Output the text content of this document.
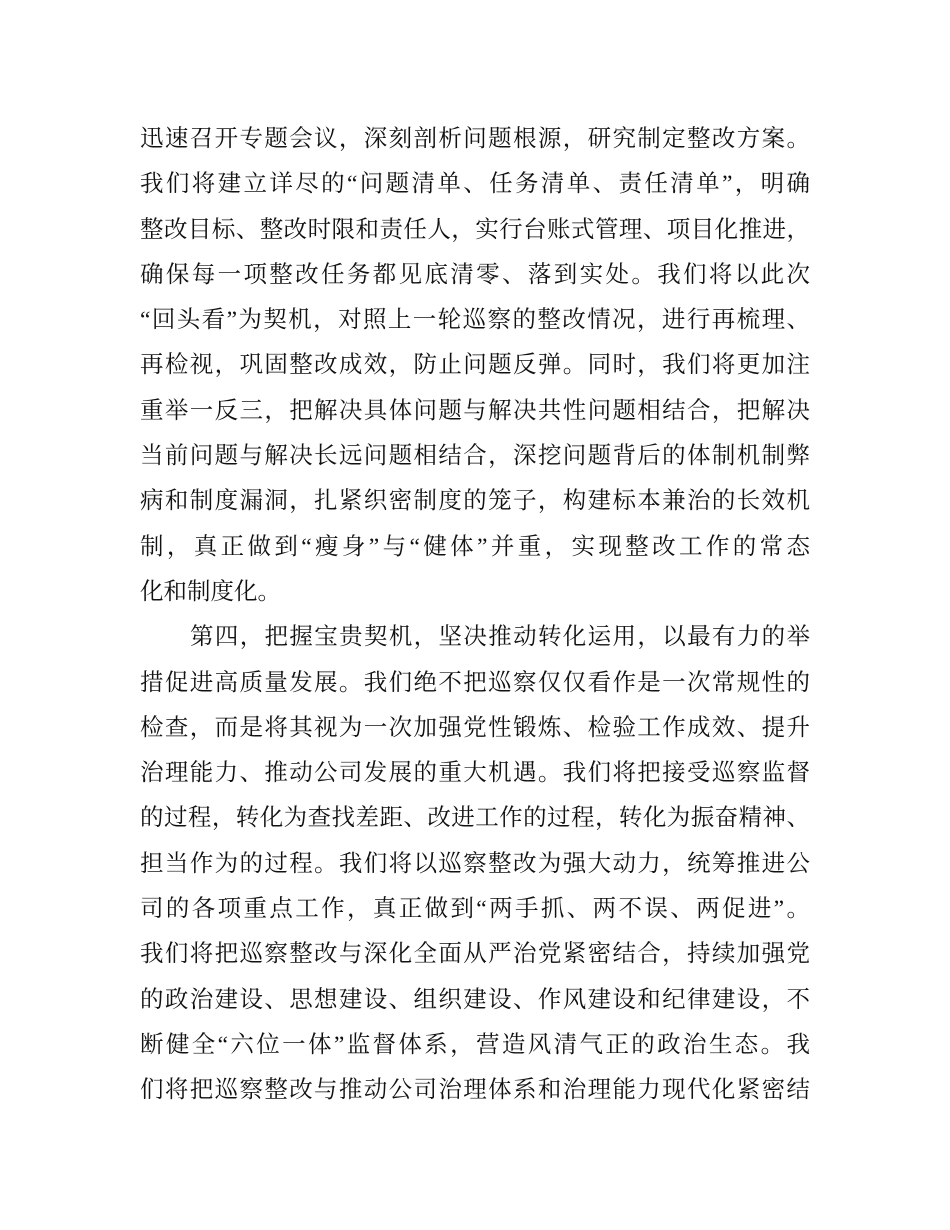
迅速召开专题会议，深刻剖析问题根源，研究制定整改方案。
我们将建立详尽的“问题清单、任务清单、责任清单”，明确
整改目标、整改时限和责任人，实行台账式管理、项目化推进，
确保每一项整改任务都见底清零、落到实处。我们将以此次
“回头看”为契机，对照上一轮巡察的整改情况，进行再梳理、
再检视，巩固整改成效，防止问题反弹。同时，我们将更加注
重举一反三，把解决具体问题与解决共性问题相结合，把解决
当前问题与解决长远问题相结合，深挖问题背后的体制机制弊
病和制度漏洞，扎紧织密制度的笼子，构建标本兼治的长效机
制，真正做到“瘦身”与“健体”并重，实现整改工作的常态
化和制度化。
第四，把握宝贵契机，坚决推动转化运用，以最有力的举
措促进高质量发展。我们绝不把巡察仅仅看作是一次常规性的
检查，而是将其视为一次加强党性锻炼、检验工作成效、提升
治理能力、推动公司发展的重大机遇。我们将把接受巡察监督
的过程，转化为查找差距、改进工作的过程，转化为振奋精神、
担当作为的过程。我们将以巡察整改为强大动力，统筹推进公
司的各项重点工作，真正做到“两手抓、两不误、两促进”。
我们将把巡察整改与深化全面从严治党紧密结合，持续加强党
的政治建设、思想建设、组织建设、作风建设和纪律建设，不
断健全“六位一体”监督体系，营造风清气正的政治生态。我
们将把巡察整改与推动公司治理体系和治理能力现代化紧密结
